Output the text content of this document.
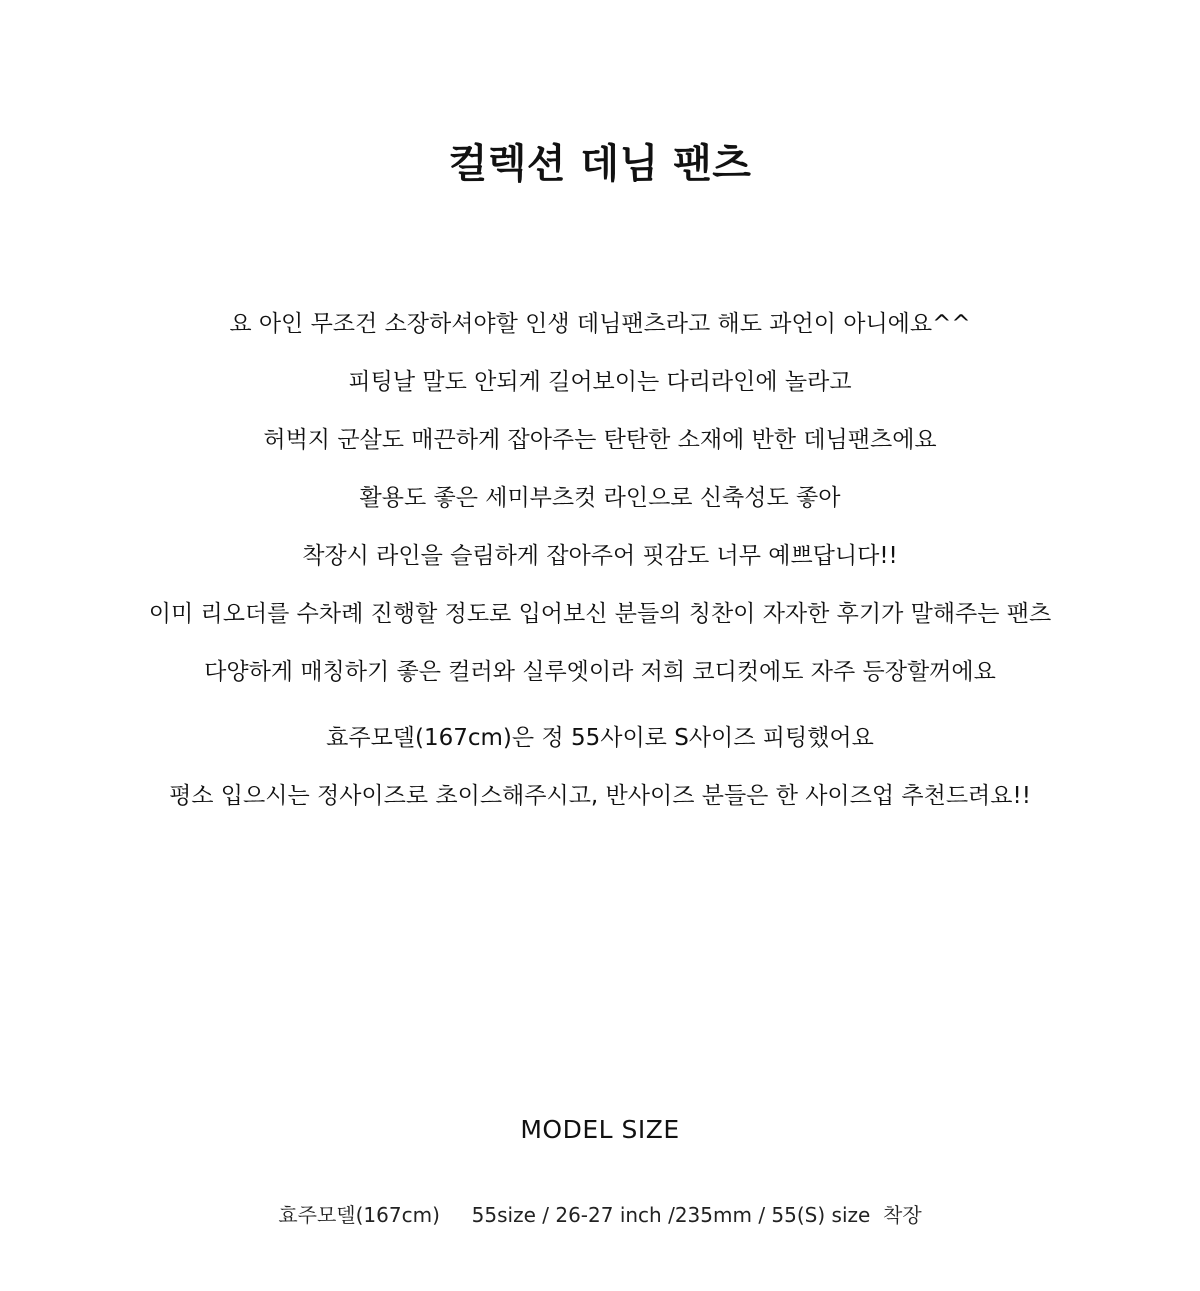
컬렉션 데님 팬츠
요 아인 무조건 소장하셔야할 인생 데님팬츠라고 해도 과언이 아니에요^^
피팅날 말도 안되게 길어보이는 다리라인에 놀라고
허벅지 군살도 매끈하게 잡아주는 탄탄한 소재에 반한 데님팬츠에요
활용도 좋은 세미부츠컷 라인으로 신축성도 좋아
착장시 라인을 슬림하게 잡아주어 핏감도 너무 예쁘답니다!!
이미 리오더를 수차례 진행할 정도로 입어보신 분들의 칭찬이 자자한 후기가 말해주는 팬츠
다양하게 매칭하기 좋은 컬러와 실루엣이라 저희 코디컷에도 자주 등장할꺼에요
효주모델(167cm)은 정 55사이로 S사이즈 피팅했어요
평소 입으시는 정사이즈로 초이스해주시고, 반사이즈 분들은 한 사이즈업 추천드려요!!
MODEL SIZE
효주모델(167cm)     55size / 26-27 inch /235mm / 55(S) size  착장
